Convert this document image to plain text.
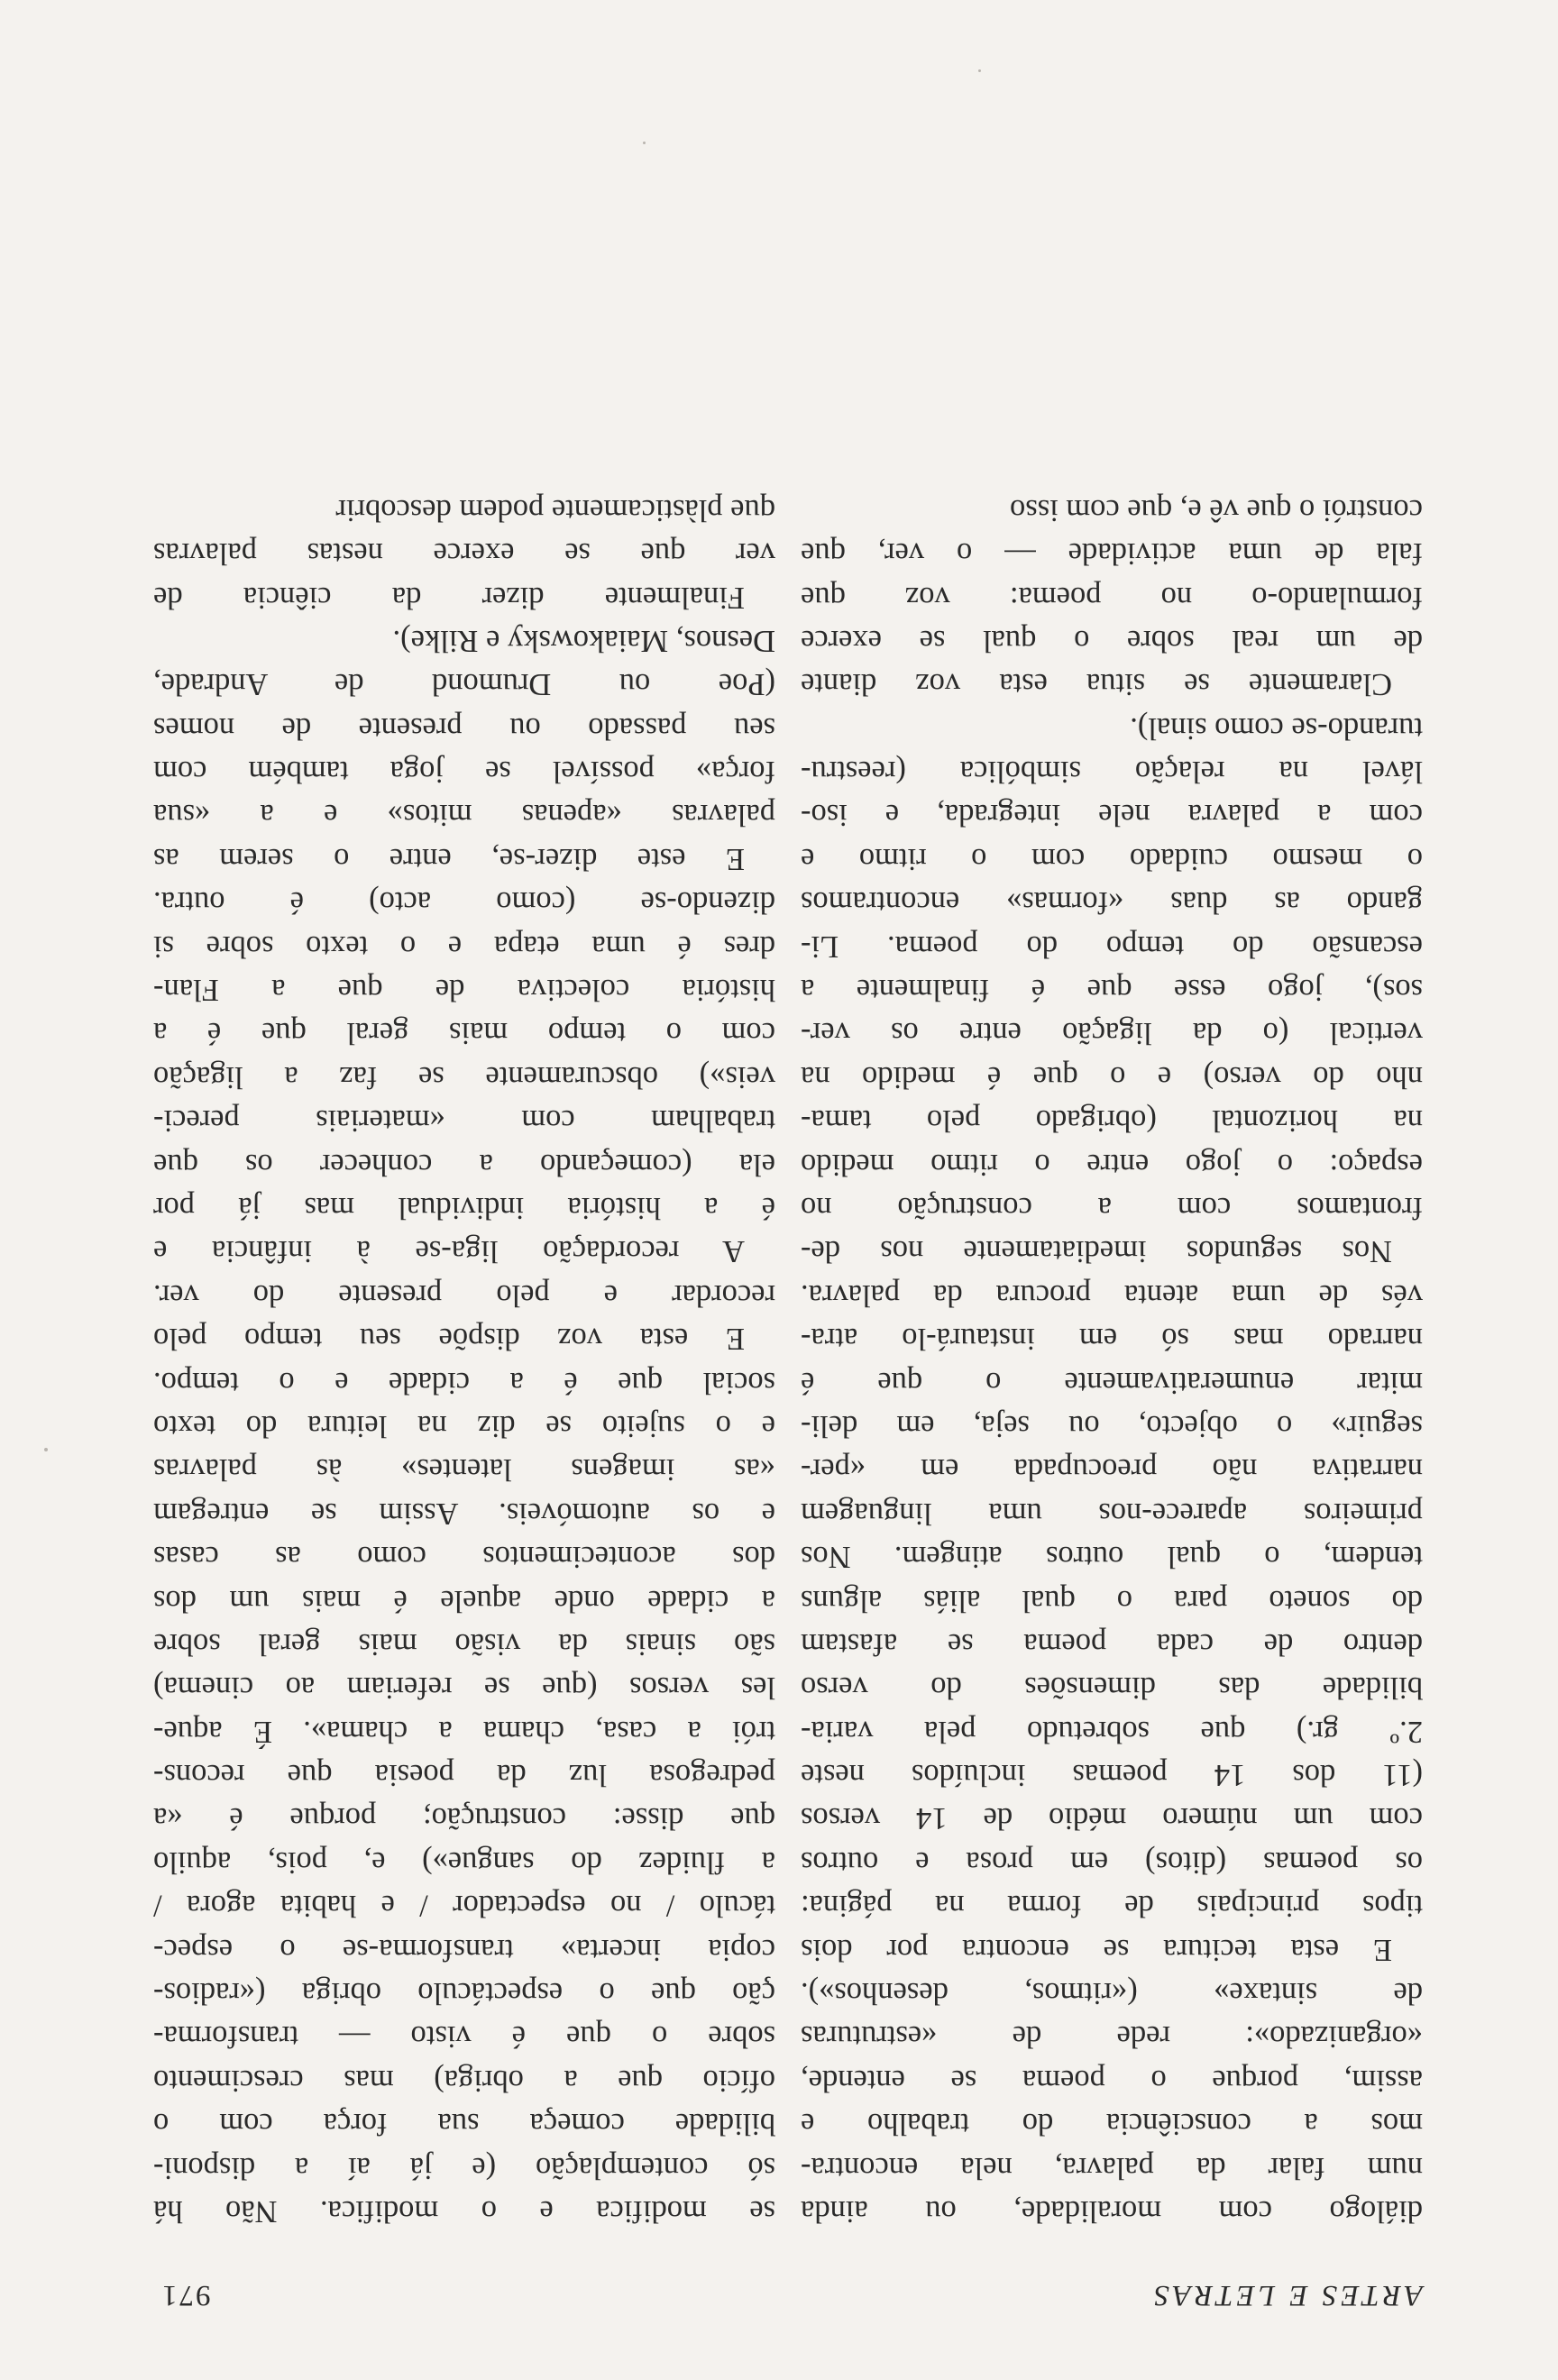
ARTES E LETRAS
971
diálogo com moralidade, ou ainda
num falar da palavra, nela encontra-
mos a consciência do trabalho e
assim, porque o poema se entende,
«organizado»: rede de «estruturas
de sintaxe» («ritmos, desenhos»).
E esta tecitura se encontra por dois
tipos principais de forma na página:
os poemas (ditos) em prosa e outros
com um número médio de 14 versos
(11 dos 14 poemas incluídos neste
2.º gr.) que sobretudo pela varia-
bilidade das dimensões do verso
dentro de cada poema se afastam
do soneto para o qual aliás alguns
tendem, o qual outros atingem. Nos
primeiros aparece-nos uma linguagem
narrativa não preocupada em «per-
seguir» o objecto, ou seja, em deli-
mitar enumerativamente o que é
narrado mas só em instaurá-lo atra-
vés de uma atenta procura da palavra.
Nos segundos imediatamente nos de-
frontamos com a construção no
espaço: o jogo entre o ritmo medido
na horizontal (obrigado pelo tama-
nho do verso) e o que é medido na
vertical (o da ligação entre os ver-
sos), jogo esse que é finalmente a
escansão do tempo do poema. Li-
gando as duas «formas» encontramos
o mesmo cuidado com o ritmo e
com a palavra nele integrada, e iso-
lável na relação simbólica (reestru-
turando-se como sinal).
Claramente se situa esta voz diante
de um real sobre o qual se exerce
formulando-o no poema: voz que
fala de uma actividade — o ver, que
constrói o que vê e, que com isso
se modifica e o modifica. Não há
só contemplação (e já aí a disponi-
bilidade começa sua força com o
ofício que a obriga) mas crescimento
sobre o que é visto — transforma-
ção que o espectáculo obriga («radios-
copia incerta» transforma-se o espec-
táculo / no espectador / e habita agora /
a fluidez do sangue») e, pois, aquilo
que disse: construção; porque é «a
pedregosa luz da poesia que recons-
trói a casa, chama a chama». É aque-
les versos (que se referiam ao cinema)
são sinais da visão mais geral sobre
a cidade onde aquele é mais um dos
dos acontecimentos como as casas
e os automóveis. Assim se entregam
«as imagens latentes» às palavras
e o sujeito se diz na leitura do texto
social que é a cidade e o tempo.
E esta voz dispõe seu tempo pelo
recordar e pelo presente do ver.
A recordação liga-se à infância e
é a história individual mas já por
ela (começando a conhecer os que
trabalham com «materiais pereci-
veis») obscuramente se faz a ligação
com o tempo mais geral que é a
história colectiva de que a Flan-
dres é uma etapa e o texto sobre si
dizendo-se (como acto) é outra.
E este dizer-se, entre o serem as
palavras «apenas mitos» e a «sua
força» possível se joga também com
seu passado ou presente de nomes
(Poe ou Drumond de Andrade,
Desnos, Maiakowsky e Rilke).
Finalmente dizer da ciência de
ver que se exerce nestas palavras
que plàsticamente podem descobrir
